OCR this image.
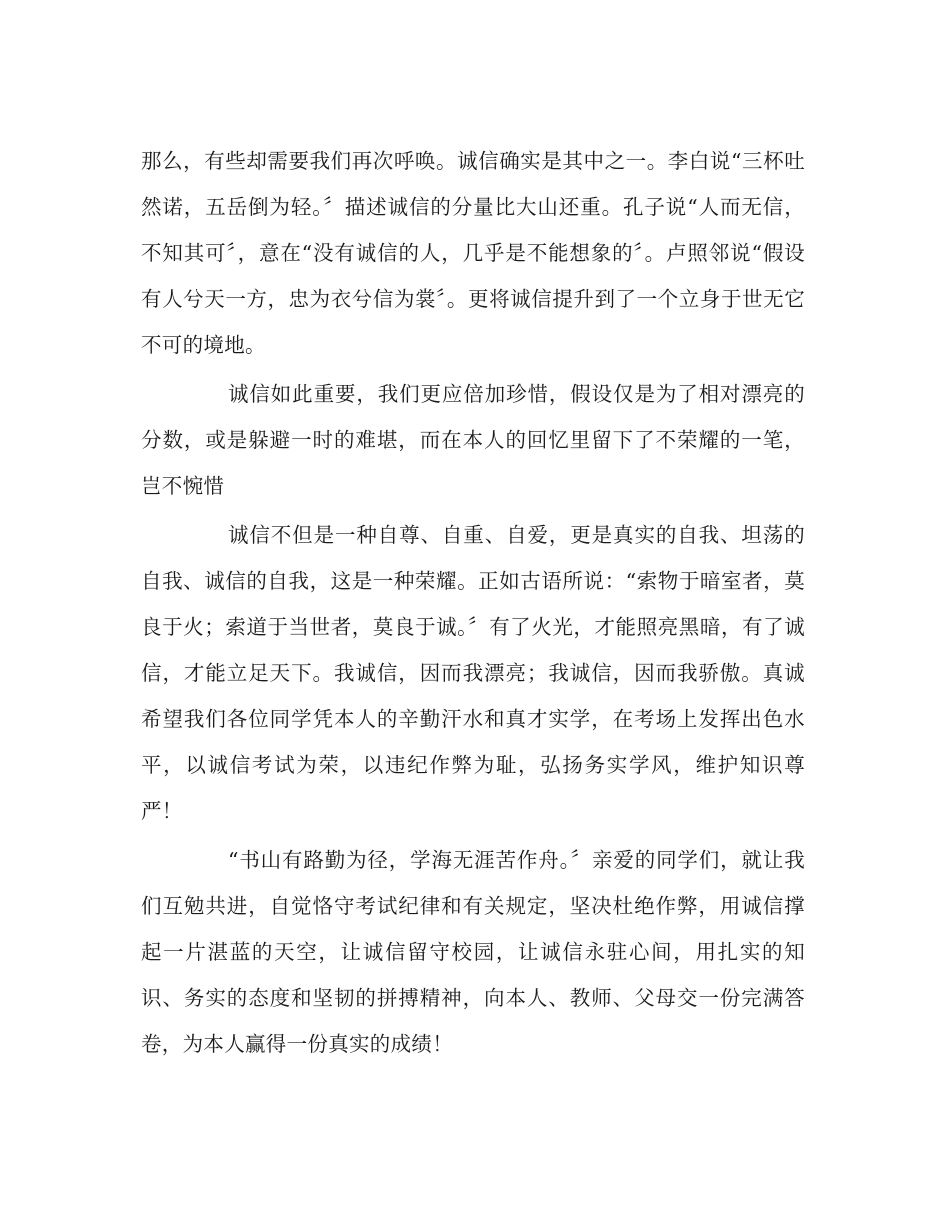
那么，有些却需要我们再次呼唤。诚信确实是其中之一。李白说“三杯吐然诺，五岳倒为轻。〞描述诚信的分量比大山还重。孔子说“人而无信，不知其可〞，意在“没有诚信的人，几乎是不能想象的〞。卢照邻说“假设有人兮天一方，忠为衣兮信为裳〞。更将诚信提升到了一个立身于世无它不可的境地。

诚信如此重要，我们更应倍加珍惜，假设仅是为了相对漂亮的分数，或是躲避一时的难堪，而在本人的回忆里留下了不荣耀的一笔，岂不惋惜

诚信不但是一种自尊、自重、自爱，更是真实的自我、坦荡的自我、诚信的自我，这是一种荣耀。正如古语所说：“索物于暗室者，莫良于火；索道于当世者，莫良于诚。〞有了火光，才能照亮黑暗，有了诚信，才能立足天下。我诚信，因而我漂亮；我诚信，因而我骄傲。真诚希望我们各位同学凭本人的辛勤汗水和真才实学，在考场上发挥出色水平，以诚信考试为荣，以违纪作弊为耻，弘扬务实学风，维护知识尊严！

“书山有路勤为径，学海无涯苦作舟。〞亲爱的同学们，就让我们互勉共进，自觉恪守考试纪律和有关规定，坚决杜绝作弊，用诚信撑起一片湛蓝的天空，让诚信留守校园，让诚信永驻心间，用扎实的知识、务实的态度和坚韧的拼搏精神，向本人、教师、父母交一份完满答卷，为本人赢得一份真实的成绩！
